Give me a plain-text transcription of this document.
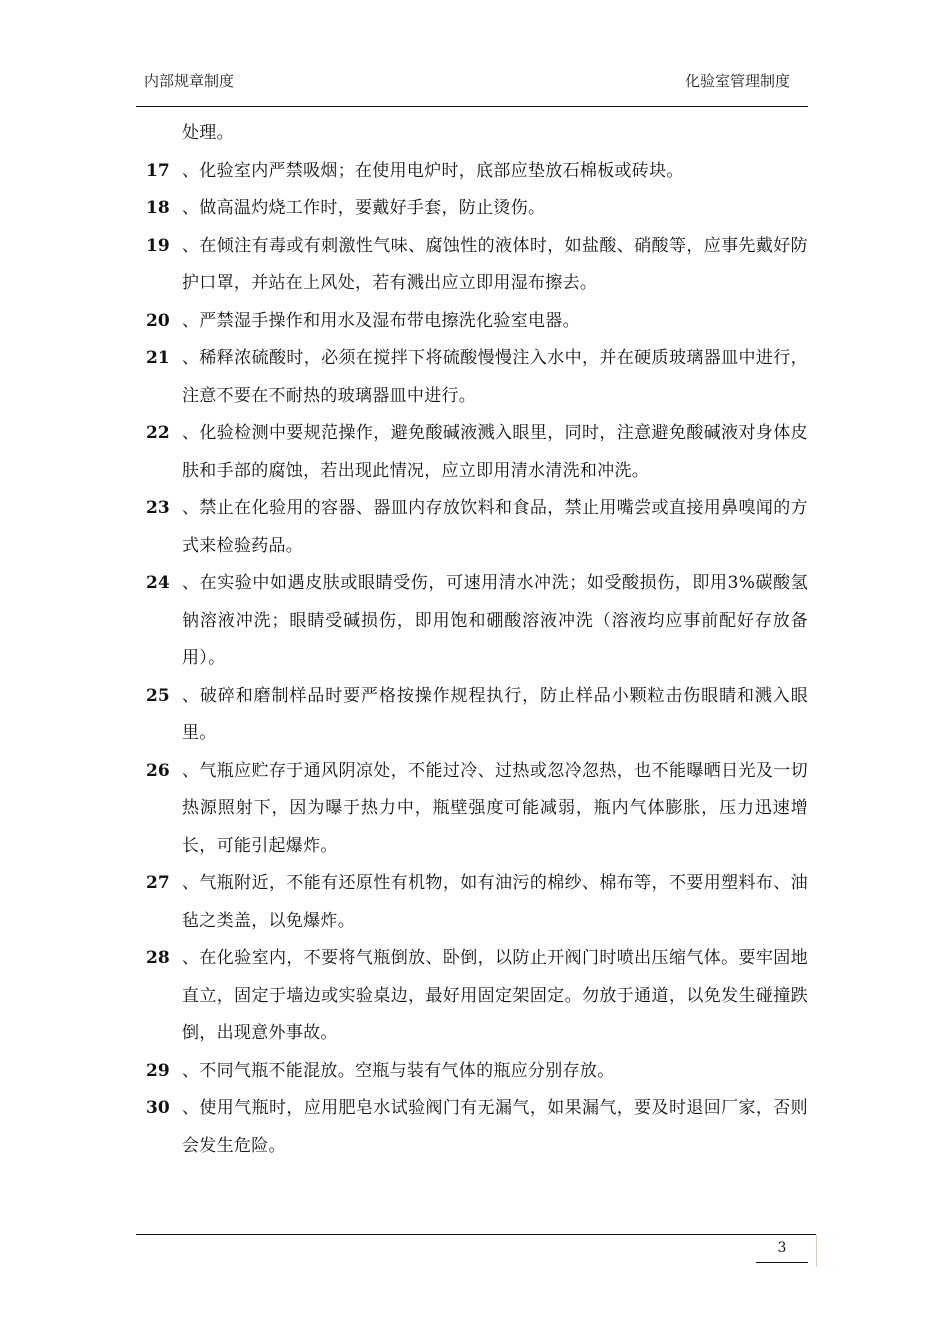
内部规章制度	化验室管理制度
处理。
17 、化验室内严禁吸烟；在使用电炉时，底部应垫放石棉板或砖块。
18 、做高温灼烧工作时，要戴好手套，防止烫伤。
19 、在倾注有毒或有刺激性气味、腐蚀性的液体时，如盐酸、硝酸等，应事先戴好防护口罩，并站在上风处，若有溅出应立即用湿布擦去。
20 、严禁湿手操作和用水及湿布带电擦洗化验室电器。
21 、稀释浓硫酸时，必须在搅拌下将硫酸慢慢注入水中，并在硬质玻璃器皿中进行，注意不要在不耐热的玻璃器皿中进行。
22 、化验检测中要规范操作，避免酸碱液溅入眼里，同时，注意避免酸碱液对身体皮肤和手部的腐蚀，若出现此情况，应立即用清水清洗和冲洗。
23 、禁止在化验用的容器、器皿内存放饮料和食品，禁止用嘴尝或直接用鼻嗅闻的方式来检验药品。
24 、在实验中如遇皮肤或眼睛受伤，可速用清水冲洗；如受酸损伤，即用3%碳酸氢钠溶液冲洗；眼睛受碱损伤，即用饱和硼酸溶液冲洗（溶液均应事前配好存放备用）。
25 、破碎和磨制样品时要严格按操作规程执行，防止样品小颗粒击伤眼睛和溅入眼里。
26 、气瓶应贮存于通风阴凉处，不能过冷、过热或忽冷忽热，也不能曝晒日光及一切热源照射下，因为曝于热力中，瓶壁强度可能减弱，瓶内气体膨胀，压力迅速增长，可能引起爆炸。
27 、气瓶附近，不能有还原性有机物，如有油污的棉纱、棉布等，不要用塑料布、油毡之类盖，以免爆炸。
28 、在化验室内，不要将气瓶倒放、卧倒，以防止开阀门时喷出压缩气体。要牢固地直立，固定于墙边或实验桌边，最好用固定架固定。勿放于通道，以免发生碰撞跌倒，出现意外事故。
29 、不同气瓶不能混放。空瓶与装有气体的瓶应分别存放。
30 、使用气瓶时，应用肥皂水试验阀门有无漏气，如果漏气，要及时退回厂家，否则会发生危险。
3
